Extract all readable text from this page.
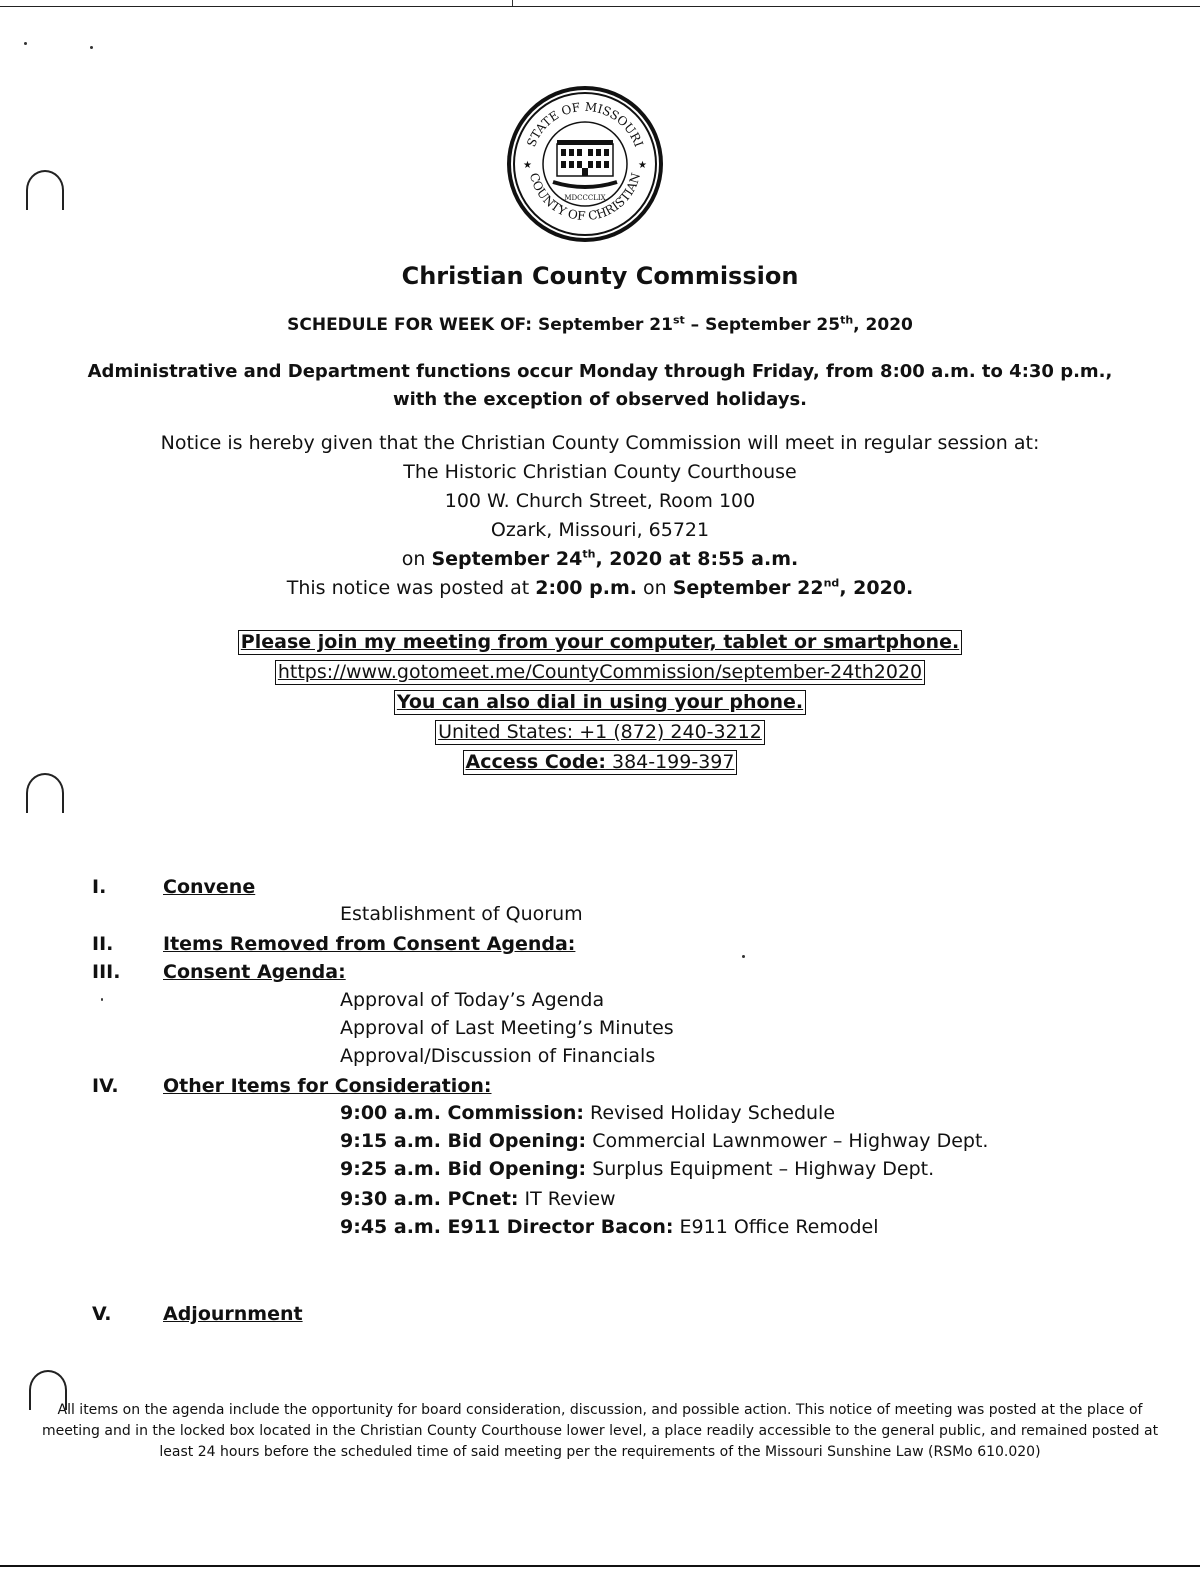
STATE OF MISSOURI
COUNTY OF CHRISTIAN
★	★
MDCCCLIX
Christian County Commission
SCHEDULE FOR WEEK OF: September 21st – September 25th, 2020
Administrative and Department functions occur Monday through Friday, from 8:00 a.m. to 4:30 p.m.,
with the exception of observed holidays.
Notice is hereby given that the Christian County Commission will meet in regular session at:
The Historic Christian County Courthouse
100 W. Church Street, Room 100
Ozark, Missouri, 65721
on September 24th, 2020 at 8:55 a.m.
This notice was posted at 2:00 p.m. on September 22nd, 2020.
Please join my meeting from your computer, tablet or smartphone.
https://www.gotomeet.me/CountyCommission/september-24th2020
You can also dial in using your phone.
United States: +1 (872) 240-3212
Access Code: 384-199-397
I.	Convene
Establishment of Quorum
II.	Items Removed from Consent Agenda:
III. Consent Agenda:
Approval of Today’s Agenda
Approval of Last Meeting’s Minutes
Approval/Discussion of Financials
IV. Other Items for Consideration:
9:00 a.m. Commission: Revised Holiday Schedule
9:15 a.m. Bid Opening: Commercial Lawnmower – Highway Dept.
9:25 a.m. Bid Opening: Surplus Equipment – Highway Dept.
9:30 a.m. PCnet: IT Review
9:45 a.m. E911 Director Bacon: E911 Office Remodel
V.	Adjournment
All items on the agenda include the opportunity for board consideration, discussion, and possible action. This notice of meeting was posted at the place of meeting and in the locked box located in the Christian County Courthouse lower level, a place readily accessible to the general public, and remained posted at least 24 hours before the scheduled time of said meeting per the requirements of the Missouri Sunshine Law (RSMo 610.020)
